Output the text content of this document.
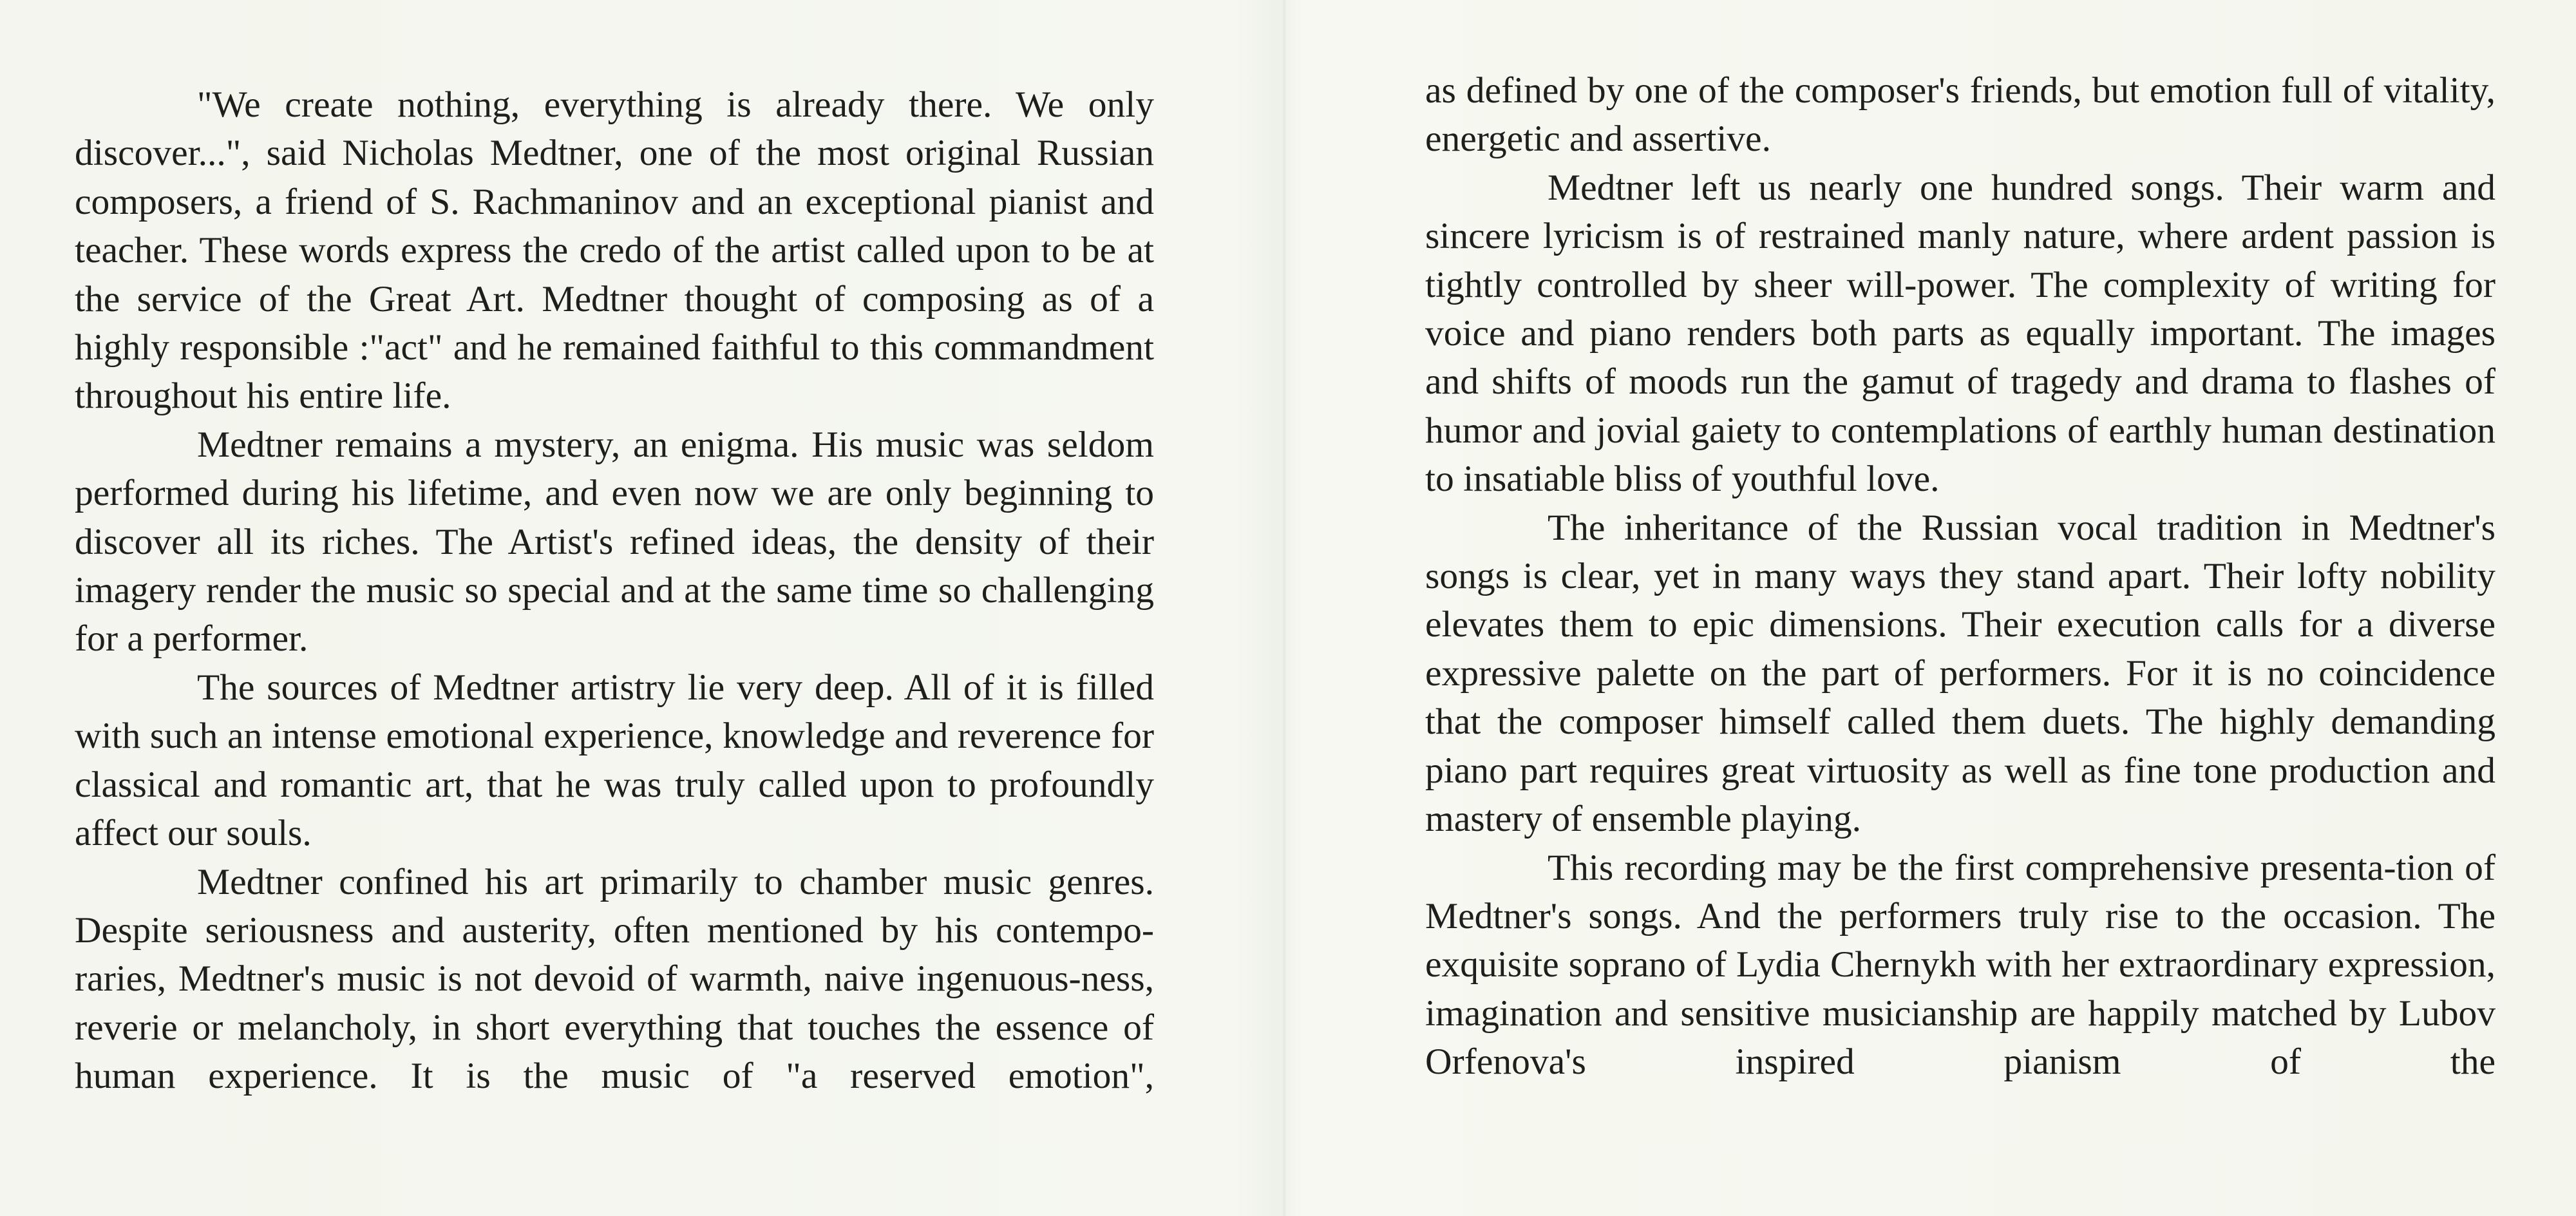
"We create nothing, everything is already there. We only discover...", said Nicholas Medtner, one of the most original Russian composers, a friend of S. Rachmaninov and an exceptional pianist and teacher. These words express the credo of the artist called upon to be at the service of the Great Art. Medtner thought of composing as of a highly responsible :"act" and he remained faithful to this commandment throughout his entire life.

Medtner remains a mystery, an enigma. His music was seldom performed during his lifetime, and even now we are only beginning to discover all its riches. The Artist's refined ideas, the density of their imagery render the music so special and at the same time so challenging for a performer.

The sources of Medtner artistry lie very deep. All of it is filled with such an intense emotional experience, knowledge and reverence for classical and romantic art, that he was truly called upon to profoundly affect our souls.

Medtner confined his art primarily to chamber music genres. Despite seriousness and austerity, often mentioned by his contempo-raries, Medtner's music is not devoid of warmth, naive ingenuous-ness, reverie or melancholy, in short everything that touches the essence of human experience. It is the music of "a reserved emotion",

as defined by one of the composer's friends, but emotion full of vitality, energetic and assertive.

Medtner left us nearly one hundred songs. Their warm and sincere lyricism is of restrained manly nature, where ardent passion is tightly controlled by sheer will-power. The complexity of writing for voice and piano renders both parts as equally important. The images and shifts of moods run the gamut of tragedy and drama to flashes of humor and jovial gaiety to contemplations of earthly human destination to insatiable bliss of youthful love.

The inheritance of the Russian vocal tradition in Medtner's songs is clear, yet in many ways they stand apart. Their lofty nobility elevates them to epic dimensions. Their execution calls for a diverse expressive palette on the part of performers. For it is no coincidence that the composer himself called them duets. The highly demanding piano part requires great virtuosity as well as fine tone production and mastery of ensemble playing.

This recording may be the first comprehensive presenta-tion of Medtner's songs. And the performers truly rise to the occasion. The exquisite soprano of Lydia Chernykh with her extraordinary expression, imagination and sensitive musicianship are happily matched by Lubov Orfenova's inspired pianism of the
